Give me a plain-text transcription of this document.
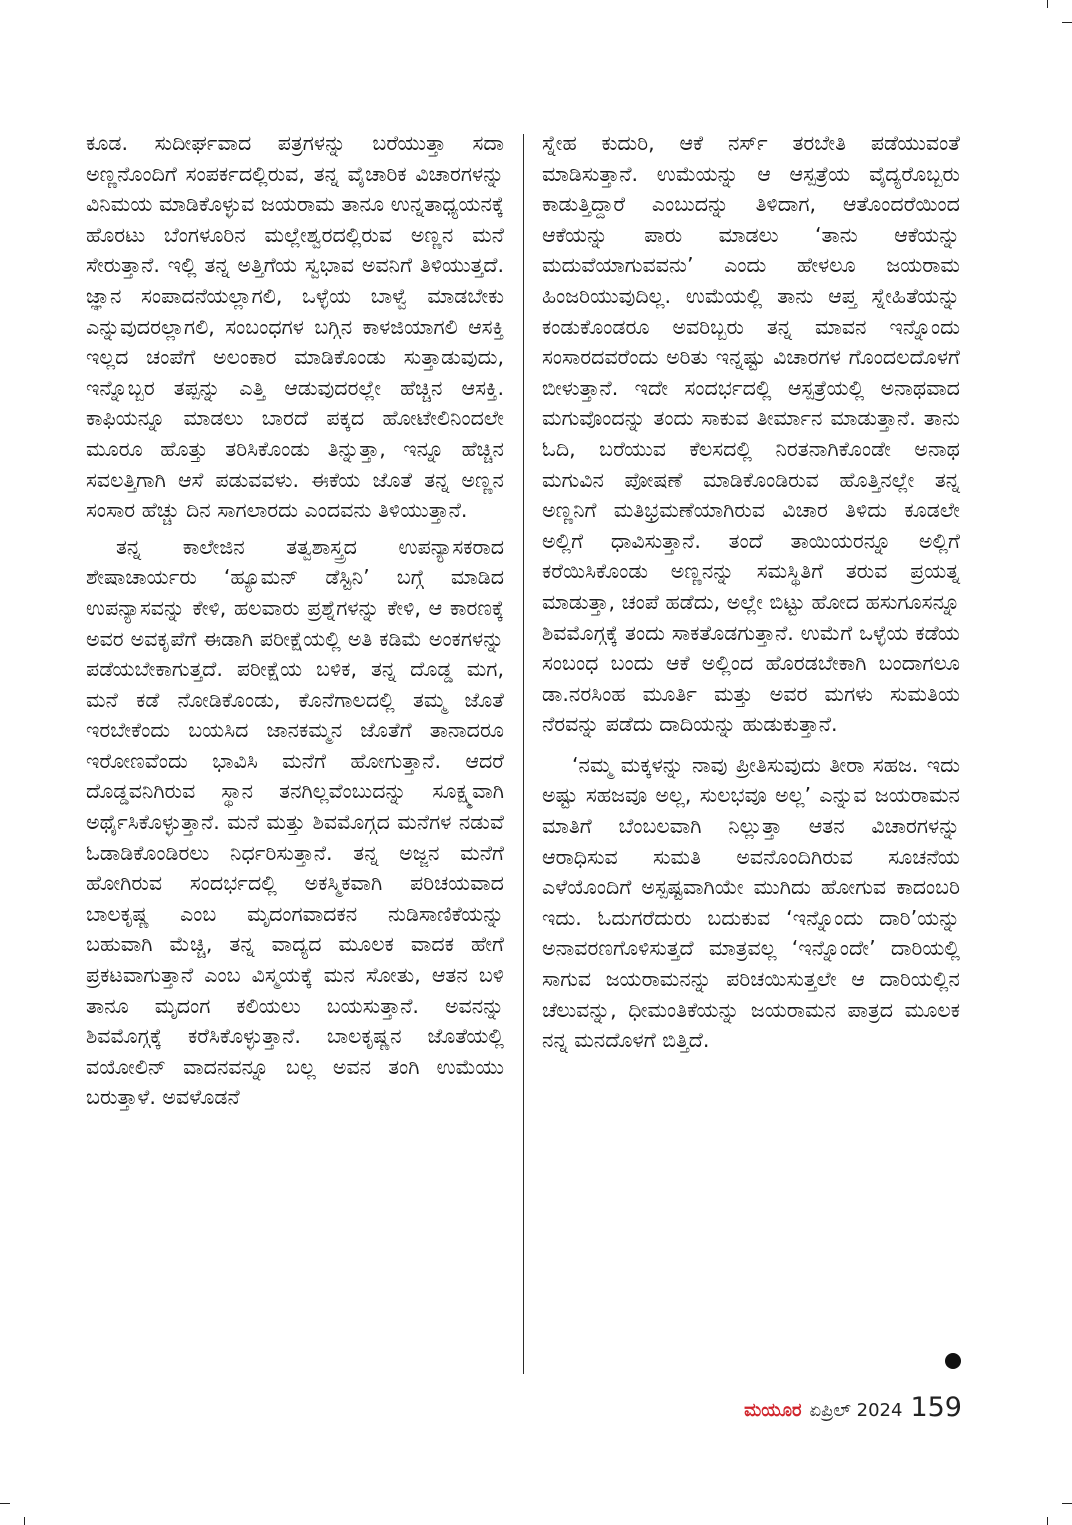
ಕೂಡ. ಸುದೀರ್ಘವಾದ ಪತ್ರಗಳನ್ನು ಬರೆಯುತ್ತಾ ಸದಾ ಅಣ್ಣನೊಂದಿಗೆ ಸಂಪರ್ಕದಲ್ಲಿರುವ, ತನ್ನ ವೈಚಾರಿಕ ವಿಚಾರಗಳನ್ನು ವಿನಿಮಯ ಮಾಡಿಕೊಳ್ಳುವ ಜಯರಾಮ ತಾನೂ ಉನ್ನತಾಧ್ಯಯನಕ್ಕೆ ಹೊರಟು ಬೆಂಗಳೂರಿನ ಮಲ್ಲೇಶ್ವರದಲ್ಲಿರುವ ಅಣ್ಣನ ಮನೆ ಸೇರುತ್ತಾನೆ. ಇಲ್ಲಿ ತನ್ನ ಅತ್ತಿಗೆಯ ಸ್ವಭಾವ ಅವನಿಗೆ ತಿಳಿಯುತ್ತದೆ. ಜ್ಞಾನ ಸಂಪಾದನೆಯಲ್ಲಾಗಲಿ, ಒಳ್ಳೆಯ ಬಾಳ್ವೆ ಮಾಡಬೇಕು ಎನ್ನುವುದರಲ್ಲಾಗಲಿ, ಸಂಬಂಧಗಳ ಬಗ್ಗಿನ ಕಾಳಜಿಯಾಗಲಿ ಆಸಕ್ತಿ ಇಲ್ಲದ ಚಂಪೆಗೆ ಅಲಂಕಾರ ಮಾಡಿಕೊಂಡು ಸುತ್ತಾಡುವುದು, ಇನ್ನೊಬ್ಬರ ತಪ್ಪನ್ನು ಎತ್ತಿ ಆಡುವುದರಲ್ಲೇ ಹೆಚ್ಚಿನ ಆಸಕ್ತಿ. ಕಾಫಿಯನ್ನೂ ಮಾಡಲು ಬಾರದೆ ಪಕ್ಕದ ಹೋಟೇಲಿನಿಂದಲೇ ಮೂರೂ ಹೊತ್ತು ತರಿಸಿಕೊಂಡು ತಿನ್ನುತ್ತಾ, ಇನ್ನೂ ಹೆಚ್ಚಿನ ಸವಲತ್ತಿಗಾಗಿ ಆಸೆ ಪಡುವವಳು. ಈಕೆಯ ಜೊತೆ ತನ್ನ ಅಣ್ಣನ ಸಂಸಾರ ಹೆಚ್ಚು ದಿನ ಸಾಗಲಾರದು ಎಂದವನು ತಿಳಿಯುತ್ತಾನೆ.

ತನ್ನ ಕಾಲೇಜಿನ ತತ್ವಶಾಸ್ತ್ರದ ಉಪನ್ಯಾಸಕರಾದ ಶೇಷಾಚಾರ್ಯರು ‘ಹ್ಯೂಮನ್ ಡೆಸ್ಟಿನಿ’ ಬಗ್ಗೆ ಮಾಡಿದ ಉಪನ್ಯಾಸವನ್ನು ಕೇಳಿ, ಹಲವಾರು ಪ್ರಶ್ನೆಗಳನ್ನು ಕೇಳಿ, ಆ ಕಾರಣಕ್ಕೆ ಅವರ ಅವಕೃಪೆಗೆ ಈಡಾಗಿ ಪರೀಕ್ಷೆಯಲ್ಲಿ ಅತಿ ಕಡಿಮೆ ಅಂಕಗಳನ್ನು ಪಡೆಯಬೇಕಾಗುತ್ತದೆ. ಪರೀಕ್ಷೆಯ ಬಳಿಕ, ತನ್ನ ದೊಡ್ಡ ಮಗ, ಮನೆ ಕಡೆ ನೋಡಿಕೊಂಡು, ಕೊನೆಗಾಲದಲ್ಲಿ ತಮ್ಮ ಜೊತೆ ಇರಬೇಕೆಂದು ಬಯಸಿದ ಜಾನಕಮ್ಮನ ಜೊತೆಗೆ ತಾನಾದರೂ ಇರೋಣವೆಂದು ಭಾವಿಸಿ ಮನೆಗೆ ಹೋಗುತ್ತಾನೆ. ಆದರೆ ದೊಡ್ಡವನಿಗಿರುವ ಸ್ಥಾನ ತನಗಿಲ್ಲವೆಂಬುದನ್ನು ಸೂಕ್ಷ್ಮವಾಗಿ ಅರ್ಥೈಸಿಕೊಳ್ಳುತ್ತಾನೆ. ಮನೆ ಮತ್ತು ಶಿವಮೊಗ್ಗದ ಮನೆಗಳ ನಡುವೆ ಓಡಾಡಿಕೊಂಡಿರಲು ನಿರ್ಧರಿಸುತ್ತಾನೆ. ತನ್ನ ಅಜ್ಜನ ಮನೆಗೆ ಹೋಗಿರುವ ಸಂದರ್ಭದಲ್ಲಿ ಅಕಸ್ಮಿಕವಾಗಿ ಪರಿಚಯವಾದ ಬಾಲಕೃಷ್ಣ ಎಂಬ ಮೃದಂಗವಾದಕನ ನುಡಿಸಾಣಿಕೆಯನ್ನು ಬಹುವಾಗಿ ಮೆಚ್ಚಿ, ತನ್ನ ವಾದ್ಯದ ಮೂಲಕ ವಾದಕ ಹೇಗೆ ಪ್ರಕಟವಾಗುತ್ತಾನೆ ಎಂಬ ವಿಸ್ಮಯಕ್ಕೆ ಮನ ಸೋತು, ಆತನ ಬಳಿ ತಾನೂ ಮೃದಂಗ ಕಲಿಯಲು ಬಯಸುತ್ತಾನೆ. ಅವನನ್ನು ಶಿವಮೊಗ್ಗಕ್ಕೆ ಕರೆಸಿಕೊಳ್ಳುತ್ತಾನೆ. ಬಾಲಕೃಷ್ಣನ ಜೊತೆಯಲ್ಲಿ ವಯೋಲಿನ್ ವಾದನವನ್ನೂ ಬಲ್ಲ ಅವನ ತಂಗಿ ಉಮೆಯು ಬರುತ್ತಾಳೆ. ಅವಳೊಡನೆ

ಸ್ನೇಹ ಕುದುರಿ, ಆಕೆ ನರ್ಸ್ ತರಬೇತಿ ಪಡೆಯುವಂತೆ ಮಾಡಿಸುತ್ತಾನೆ. ಉಮೆಯನ್ನು ಆ ಆಸ್ಪತ್ರೆಯ ವೈದ್ಯರೊಬ್ಬರು ಕಾಡುತ್ತಿದ್ದಾರೆ ಎಂಬುದನ್ನು ತಿಳಿದಾಗ, ಆತೊಂದರೆಯಿಂದ ಆಕೆಯನ್ನು ಪಾರು ಮಾಡಲು ‘ತಾನು ಆಕೆಯನ್ನು ಮದುವೆಯಾಗುವವನು’ ಎಂದು ಹೇಳಲೂ ಜಯರಾಮ ಹಿಂಜರಿಯುವುದಿಲ್ಲ. ಉಮೆಯಲ್ಲಿ ತಾನು ಆಪ್ತ ಸ್ನೇಹಿತೆಯನ್ನು ಕಂಡುಕೊಂಡರೂ ಅವರಿಬ್ಬರು ತನ್ನ ಮಾವನ ಇನ್ನೊಂದು ಸಂಸಾರದವರೆಂದು ಅರಿತು ಇನ್ನಷ್ಟು ವಿಚಾರಗಳ ಗೊಂದಲದೊಳಗೆ ಬೀಳುತ್ತಾನೆ. ಇದೇ ಸಂದರ್ಭದಲ್ಲಿ ಆಸ್ಪತ್ರೆಯಲ್ಲಿ ಅನಾಥವಾದ ಮಗುವೊಂದನ್ನು ತಂದು ಸಾಕುವ ತೀರ್ಮಾನ ಮಾಡುತ್ತಾನೆ. ತಾನು ಓದಿ, ಬರೆಯುವ ಕೆಲಸದಲ್ಲಿ ನಿರತನಾಗಿಕೊಂಡೇ ಅನಾಥ ಮಗುವಿನ ಪೋಷಣೆ ಮಾಡಿಕೊಂಡಿರುವ ಹೊತ್ತಿನಲ್ಲೇ ತನ್ನ ಅಣ್ಣನಿಗೆ ಮತಿಭ್ರಮಣೆಯಾಗಿರುವ ವಿಚಾರ ತಿಳಿದು ಕೂಡಲೇ ಅಲ್ಲಿಗೆ ಧಾವಿಸುತ್ತಾನೆ. ತಂದೆ ತಾಯಿಯರನ್ನೂ ಅಲ್ಲಿಗೆ ಕರೆಯಿಸಿಕೊಂಡು ಅಣ್ಣನನ್ನು ಸಮಸ್ಥಿತಿಗೆ ತರುವ ಪ್ರಯತ್ನ ಮಾಡುತ್ತಾ, ಚಂಪೆ ಹಡೆದು, ಅಲ್ಲೇ ಬಿಟ್ಟು ಹೋದ ಹಸುಗೂಸನ್ನೂ ಶಿವಮೊಗ್ಗಕ್ಕೆ ತಂದು ಸಾಕತೊಡಗುತ್ತಾನೆ. ಉಮೆಗೆ ಒಳ್ಳೆಯ ಕಡೆಯ ಸಂಬಂಧ ಬಂದು ಆಕೆ ಅಲ್ಲಿಂದ ಹೊರಡಬೇಕಾಗಿ ಬಂದಾಗಲೂ ಡಾ.ನರಸಿಂಹ ಮೂರ್ತಿ ಮತ್ತು ಅವರ ಮಗಳು ಸುಮತಿಯ ನೆರವನ್ನು ಪಡೆದು ದಾದಿಯನ್ನು ಹುಡುಕುತ್ತಾನೆ.

‘ನಮ್ಮ ಮಕ್ಕಳನ್ನು ನಾವು ಪ್ರೀತಿಸುವುದು ತೀರಾ ಸಹಜ. ಇದು ಅಷ್ಟು ಸಹಜವೂ ಅಲ್ಲ, ಸುಲಭವೂ ಅಲ್ಲ’ ಎನ್ನುವ ಜಯರಾಮನ ಮಾತಿಗೆ ಬೆಂಬಲವಾಗಿ ನಿಲ್ಲುತ್ತಾ ಆತನ ವಿಚಾರಗಳನ್ನು ಆರಾಧಿಸುವ ಸುಮತಿ ಅವನೊಂದಿಗಿರುವ ಸೂಚನೆಯ ಎಳೆಯೊಂದಿಗೆ ಅಸ್ಪಷ್ಟವಾಗಿಯೇ ಮುಗಿದು ಹೋಗುವ ಕಾದಂಬರಿ ಇದು. ಓದುಗರೆದುರು ಬದುಕುವ ‘ಇನ್ನೊಂದು ದಾರಿ’ಯನ್ನು ಅನಾವರಣಗೊಳಿಸುತ್ತದೆ ಮಾತ್ರವಲ್ಲ ‘ಇನ್ನೊಂದೇ’ ದಾರಿಯಲ್ಲಿ ಸಾಗುವ ಜಯರಾಮನನ್ನು ಪರಿಚಯಿಸುತ್ತಲೇ ಆ ದಾರಿಯಲ್ಲಿನ ಚೆಲುವನ್ನು, ಧೀಮಂತಿಕೆಯನ್ನು ಜಯರಾಮನ ಪಾತ್ರದ ಮೂಲಕ ನನ್ನ ಮನದೊಳಗೆ ಬಿತ್ತಿದೆ.

ಮಯೂರ ಏಪ್ರಿಲ್ 2024 159
